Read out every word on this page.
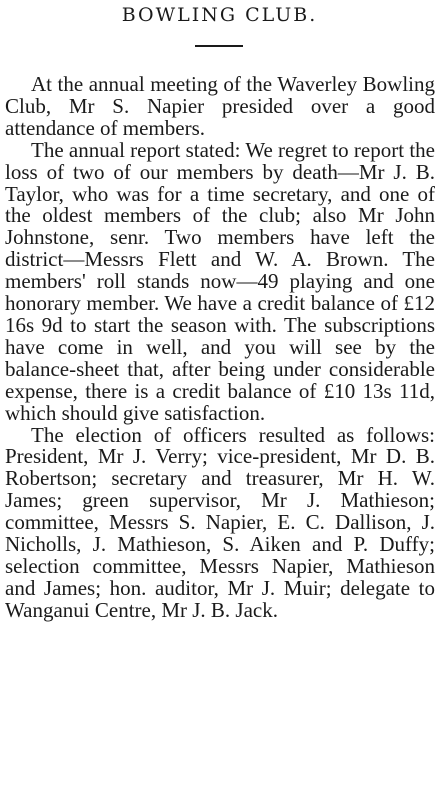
BOWLING CLUB.

At the annual meeting of the Waverley Bowling Club, Mr S. Napier presided over a good attendance of members.

The annual report stated: We regret to report the loss of two of our members by death—Mr J. B. Taylor, who was for a time secretary, and one of the oldest members of the club; also Mr John Johnstone, senr. Two members have left the district—Messrs Flett and W. A. Brown. The members' roll stands now—49 playing and one honorary member. We have a credit balance of £12 16s 9d to start the season with. The subscriptions have come in well, and you will see by the balance-sheet that, after being under considerable expense, there is a credit balance of £10 13s 11d, which should give satisfaction.

The election of officers resulted as follows: President, Mr J. Verry; vice-president, Mr D. B. Robertson; secretary and treasurer, Mr H. W. James; green supervisor, Mr J. Mathieson; committee, Messrs S. Napier, E. C. Dallison, J. Nicholls, J. Mathieson, S. Aiken and P. Duffy; selection committee, Messrs Napier, Mathieson and James; hon. auditor, Mr J. Muir; delegate to Wanganui Centre, Mr J. B. Jack.
